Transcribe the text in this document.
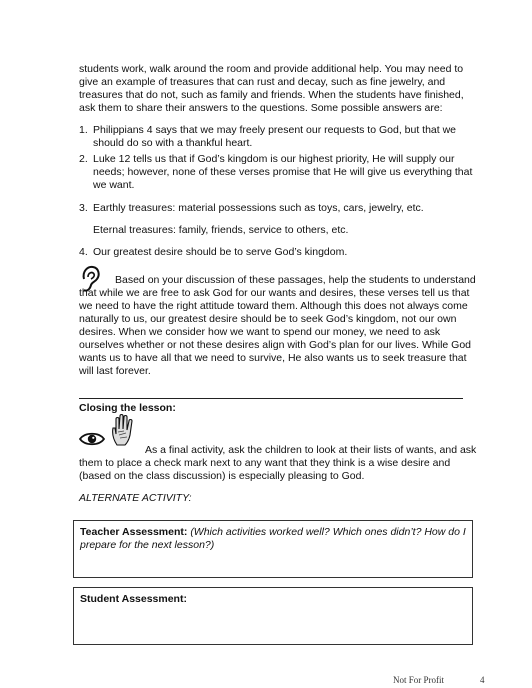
students work, walk around the room and provide additional help. You may need to give an example of treasures that can rust and decay, such as fine jewelry, and treasures that do not, such as family and friends. When the students have finished, ask them to share their answers to the questions. Some possible answers are:

1. Philippians 4 says that we may freely present our requests to God, but that we should do so with a thankful heart.
2. Luke 12 tells us that if God’s kingdom is our highest priority, He will supply our needs; however, none of these verses promise that He will give us everything that we want.
3. Earthly treasures: material possessions such as toys, cars, jewelry, etc.
Eternal treasures: family, friends, service to others, etc.
4. Our greatest desire should be to serve God’s kingdom.

Based on your discussion of these passages, help the students to understand that while we are free to ask God for our wants and desires, these verses tell us that we need to have the right attitude toward them. Although this does not always come naturally to us, our greatest desire should be to seek God’s kingdom, not our own desires. When we consider how we want to spend our money, we need to ask ourselves whether or not these desires align with God’s plan for our lives. While God wants us to have all that we need to survive, He also wants us to seek treasure that will last forever.

Closing the lesson:

As a final activity, ask the children to look at their lists of wants, and ask them to place a check mark next to any want that they think is a wise desire and (based on the class discussion) is especially pleasing to God.

ALTERNATE ACTIVITY:
Teacher Assessment: (Which activities worked well? Which ones didn’t? How do I prepare for the next lesson?)
Student Assessment:
Not For Profit	4
